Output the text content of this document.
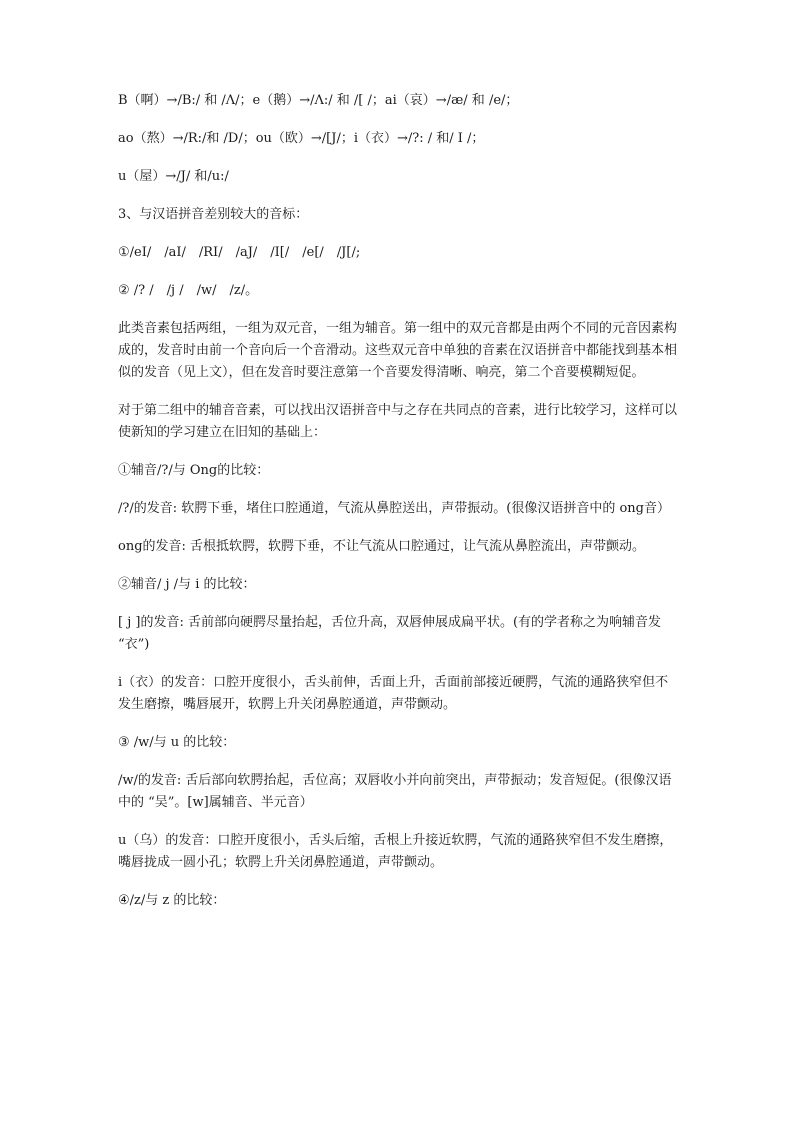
B（啊）→/B:/ 和 /Λ/；e（鹅）→/Λ:/ 和 /[ /；ai（哀）→/æ/ 和 /e/；

ao（熬）→/R:/和 /D/；ou（欧）→/[J/；i（衣）→/?: / 和/ I /；

u（屋）→/J/ 和/u:/

3、与汉语拼音差别较大的音标：

①/eI/　/aI/　/RI/　/aJ/　/I[/　/e[/　/J[/;

② /? /　/j /　/w/　/z/。

此类音素包括两组，一组为双元音，一组为辅音。第一组中的双元音都是由两个不同的元音因素构成的，发音时由前一个音向后一个音滑动。这些双元音中单独的音素在汉语拼音中都能找到基本相似的发音（见上文），但在发音时要注意第一个音要发得清晰、响亮，第二个音要模糊短促。

对于第二组中的辅音音素，可以找出汉语拼音中与之存在共同点的音素，进行比较学习，这样可以使新知的学习建立在旧知的基础上：

①辅音/?/与 Ong的比较：

/?/的发音: 软腭下垂，堵住口腔通道，气流从鼻腔送出，声带振动。(很像汉语拼音中的 ong音）

ong的发音: 舌根抵软腭，软腭下垂，不让气流从口腔通过，让气流从鼻腔流出，声带颤动。

②辅音/ j /与 i 的比较：

[ j ]的发音: 舌前部向硬腭尽量抬起，舌位升高，双唇伸展成扁平状。(有的学者称之为响辅音发 “衣”)

i（衣）的发音：口腔开度很小，舌头前伸，舌面上升，舌面前部接近硬腭，气流的通路狭窄但不发生磨擦，嘴唇展开，软腭上升关闭鼻腔通道，声带颤动。

③ /w/与 u 的比较：

/w/的发音: 舌后部向软腭抬起，舌位高；双唇收小并向前突出，声带振动；发音短促。(很像汉语中的 “吴”。[w]属辅音、半元音）

u（乌）的发音：口腔开度很小，舌头后缩，舌根上升接近软腭，气流的通路狭窄但不发生磨擦，嘴唇拢成一圆小孔；软腭上升关闭鼻腔通道，声带颤动。

④/z/与 z 的比较：
